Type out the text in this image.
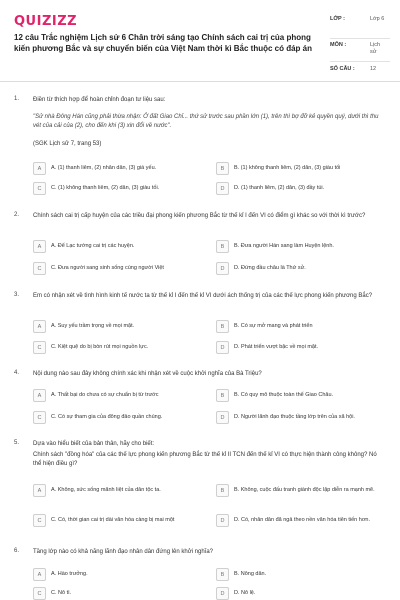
QUIZIZZ
12 câu Trắc nghiệm Lịch sử 6 Chân trời sáng tạo Chính sách cai trị của phong kiến phương Bắc và sự chuyển biến của Việt Nam thời kì Bắc thuộc có đáp án
LỚP :	Lớp 6
MÔN :	Lịch sử
SỐ CÂU :	12
1. Điền từ thích hợp để hoàn chỉnh đoạn tư liệu sau:
"Sử nhà Đông Hán cũng phải thừa nhận: Ở đất Giao Chỉ... thứ sử trước sau phần lớn (1), trên thì bợ đỡ kẻ quyền quý, dưới thì thu vét của cải của (2), cho đến khi (3) xin đổi về nước".
(SGK Lịch sử 7, trang 53)
A	A. (1) thanh liêm, (2) nhân dân, (3) giá yếu.	B	B. (1) không thanh liêm, (2) dân, (3) giàu tối
C	C. (1) không thanh liêm, (2) dân, (3) giàu tối.	D	D. (1) thanh liêm, (2) dân, (3) đầy túi.
2. Chính sách cai trị cấp huyện của các triều đại phong kiến phương Bắc từ thế kỉ I đến VI có điểm gì khác so với thời kì trước?
A	A. Để Lạc tướng cai trị các huyện.	B	B. Đưa người Hán sang làm Huyện lệnh.
C	C. Đưa người sang sinh sống cùng người Việt	D	D. Đứng đầu châu là Thứ sử.
3. Em có nhận xét về tình hình kinh tế nước ta từ thế kỉ I đến thế kỉ VI dưới ách thống trị của các thế lực phong kiến phương Bắc?
A	A. Suy yếu trầm trọng về mọi mặt.	B	B. Có sự mở mang và phát triển
C	C. Kiệt quệ do bị bòn rút mọi nguồn lực.	D	D. Phát triển vượt bậc về mọi mặt.
4. Nội dung nào sau đây không chính xác khi nhận xét về cuộc khởi nghĩa của Bà Triệu?
A	A. Thất bại do chưa có sự chuẩn bị từ trước	B	B. Có quy mô thuộc toàn thể Giao Châu.
C	C. Có sự tham gia của đông đảo quần chúng.	D	D. Người lãnh đạo thuộc tầng lớp trên của xã hội.
5. Dựa vào hiểu biết của bản thân, hãy cho biết:
Chính sách "đồng hóa" của các thế lực phong kiến phương Bắc từ thế kỉ II TCN đến thế kỉ VI có thực hiện thành công không? Nó thể hiện điều gì?
A	A. Không, sức sống mãnh liệt của dân tộc ta.	B	B. Không, cuộc đấu tranh giành độc lập diễn ra mạnh mẽ.
C	C. Có, thời gian cai trị dài văn hóa càng bị mai một	D	D. Có, nhân dân đã ngả theo nền văn hóa tiên tiến hơn.
6. Tầng lớp nào có khả năng lãnh đạo nhân dân đứng lên khởi nghĩa?
A	A. Hào trưởng.	B	B. Nông dân.
C	C. Nô tì.	D	D. Nô lệ.
